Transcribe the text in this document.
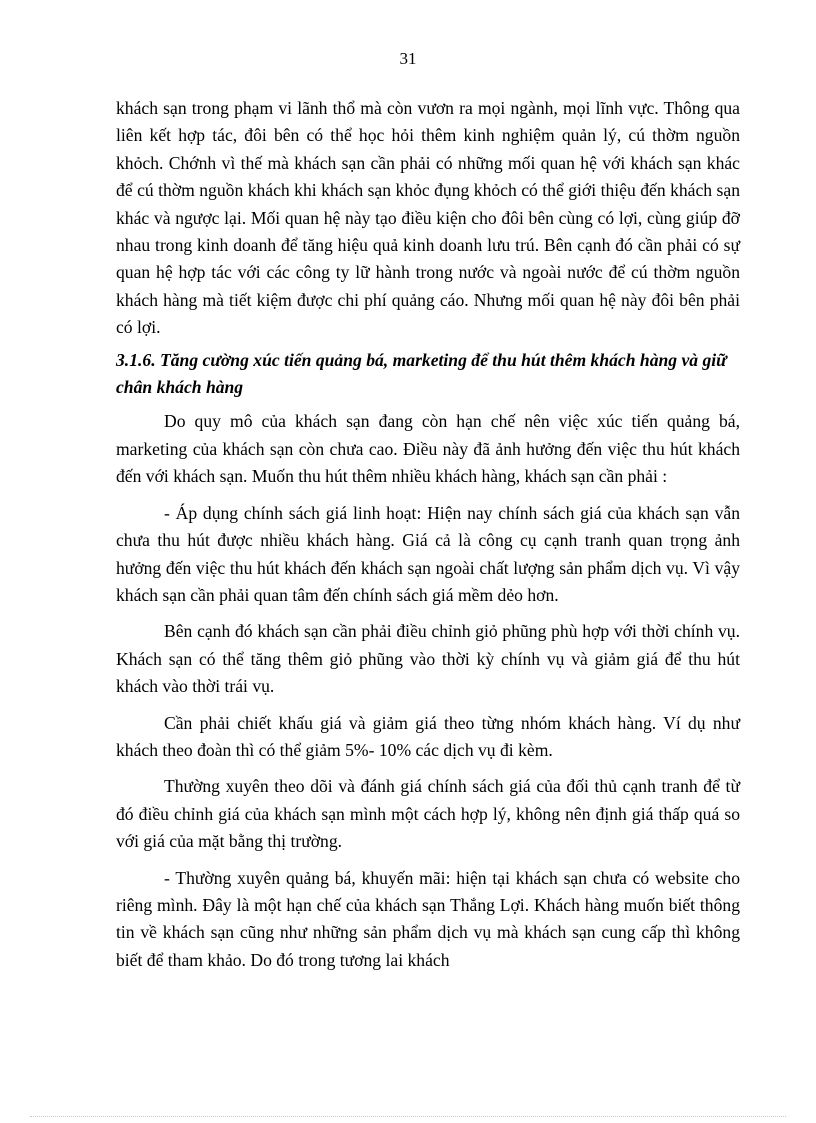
31

khách sạn trong phạm vi lãnh thổ mà còn vươn ra mọi ngành, mọi lĩnh vực. Thông qua liên kết hợp tác, đôi bên có thể học hỏi thêm kinh nghiệm quản lý, cú thờm nguồn khỏch. Chớnh vì thế mà khách sạn cần phải có những mối quan hệ với khách sạn khác để cú thờm nguồn khách khi khách sạn khỏc đụng khỏch có thể giới thiệu đến khách sạn khác và ngược lại. Mối quan hệ này tạo điều kiện cho đôi bên cùng có lợi, cùng giúp đỡ nhau trong kinh doanh để tăng hiệu quả kinh doanh lưu trú. Bên cạnh đó cần phải có sự quan hệ hợp tác với các công ty lữ hành trong nước và ngoài nước để cú thờm nguồn khách hàng mà tiết kiệm được chi phí quảng cáo. Nhưng mối quan hệ này đôi bên phải có lợi.

3.1.6. Tăng cường xúc tiến quảng bá, marketing để thu hút thêm khách hàng và giữ chân khách hàng

Do quy mô của khách sạn đang còn hạn chế nên việc xúc tiến quảng bá, marketing của khách sạn còn chưa cao. Điều này đã ảnh hưởng đến việc thu hút khách đến với khách sạn. Muốn thu hút thêm nhiều khách hàng, khách sạn cần phải :

- Áp dụng chính sách giá linh hoạt: Hiện nay chính sách giá của khách sạn vẫn chưa thu hút được nhiều khách hàng. Giá cả là công cụ cạnh tranh quan trọng ảnh hưởng đến việc thu hút khách đến khách sạn ngoài chất lượng sản phẩm dịch vụ. Vì vậy khách sạn cần phải quan tâm đến chính sách giá mềm dẻo hơn.

Bên cạnh đó khách sạn cần phải điều chỉnh giỏ phũng phù hợp với thời chính vụ. Khách sạn có thể tăng thêm giỏ phũng vào thời kỳ chính vụ và giảm giá để thu hút khách vào thời trái vụ.

Cần phải chiết khấu giá và giảm giá theo từng nhóm khách hàng. Ví dụ như khách theo đoàn thì có thể giảm 5%- 10% các dịch vụ đi kèm.

Thường xuyên theo dõi và đánh giá chính sách giá của đối thủ cạnh tranh để từ đó điều chỉnh giá của khách sạn mình một cách hợp lý, không nên định giá thấp quá so với giá của mặt bằng thị trường.

- Thường xuyên quảng bá, khuyến mãi: hiện tại khách sạn chưa có website cho riêng mình. Đây là một hạn chế của khách sạn Thắng Lợi. Khách hàng muốn biết thông tin về khách sạn cũng như những sản phẩm dịch vụ mà khách sạn cung cấp thì không biết để tham khảo. Do đó trong tương lai khách
